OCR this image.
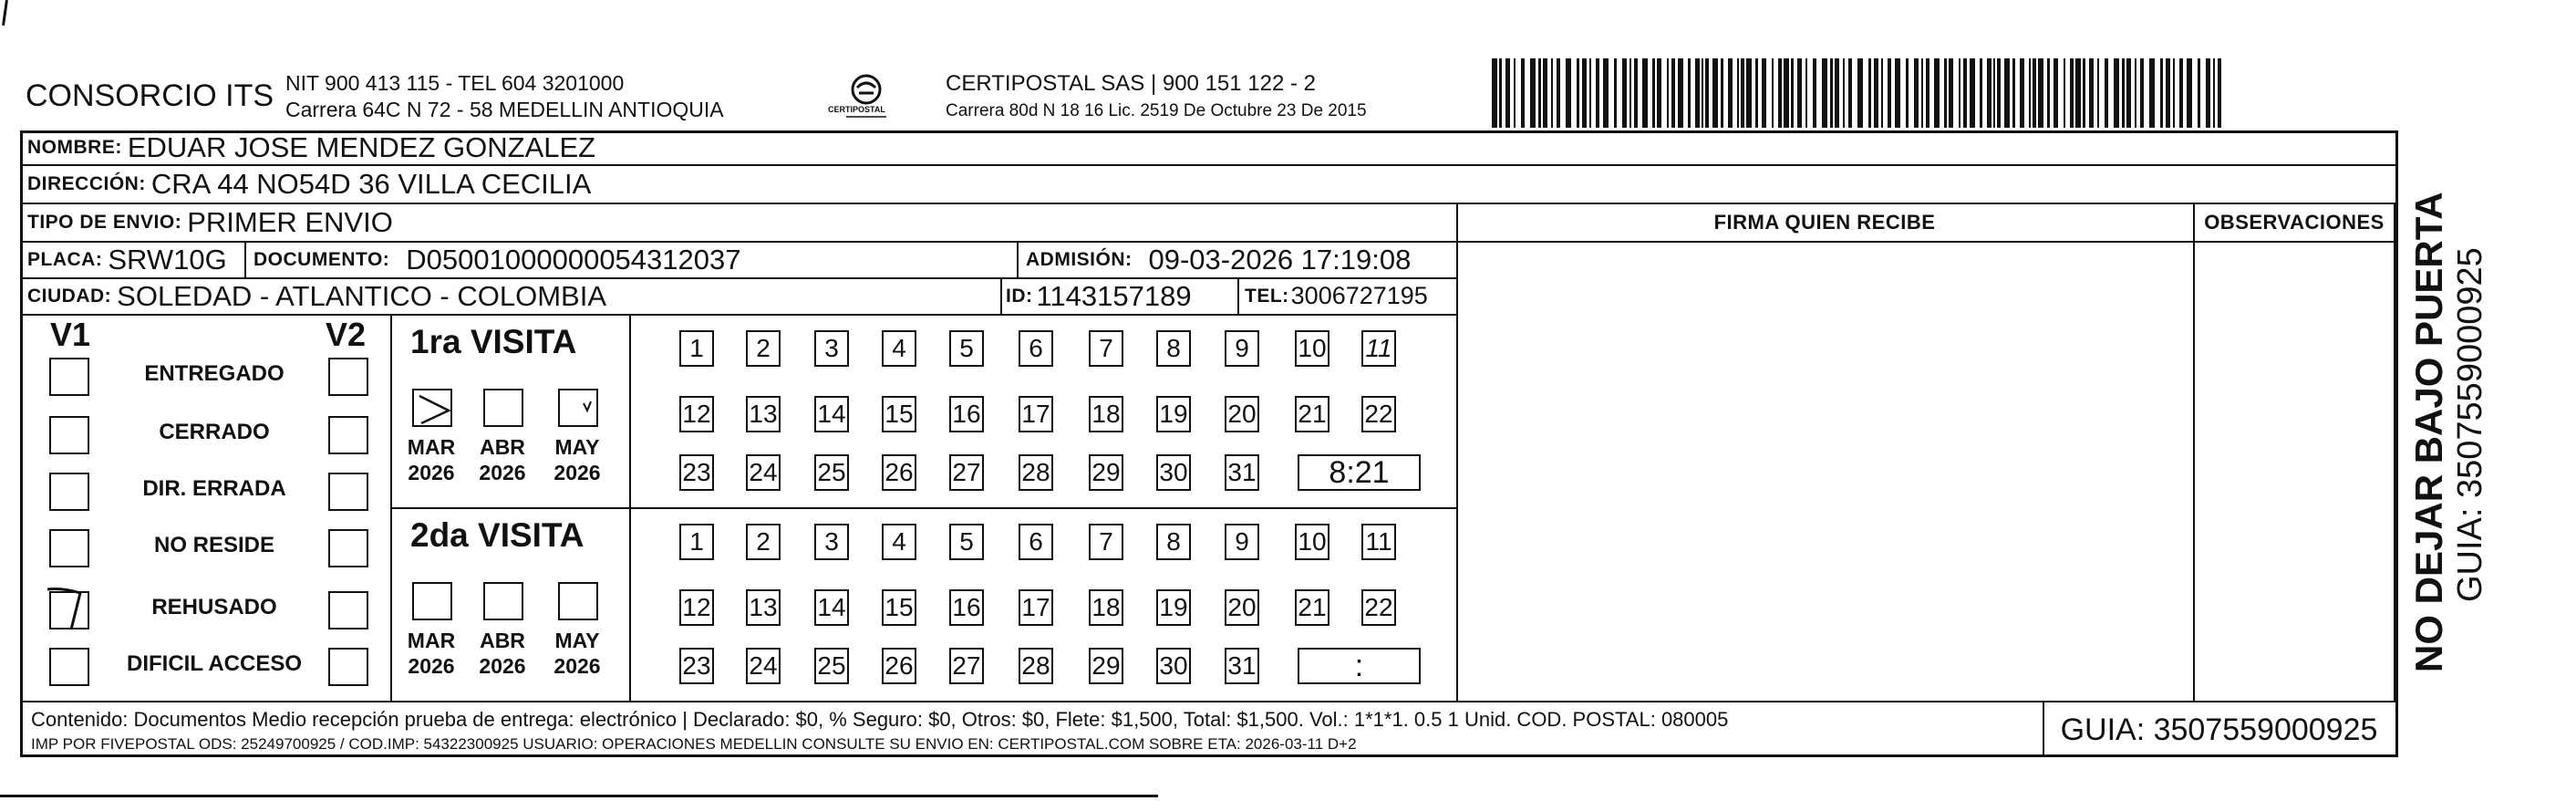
CONSORCIO ITS NIT 900 413 115 - TEL 604 3201000
Carrera 64C N 72 - 58 MEDELLIN ANTIOQUIA	CERTIPOSTAL
CERTIPOSTAL SAS | 900 151 122 - 2
Carrera 80d N 18 16 Lic. 2519 De Octubre 23 De 2015
NOMBRE: EDUAR JOSE MENDEZ GONZALEZ
DIRECCIÓN: CRA 44 NO54D 36 VILLA CECILIA
TIPO DE ENVIO: PRIMER ENVIO
PLACA: SRW10G DOCUMENTO: D05001000000054312037	ADMISIÓN: 09-03-2026 17:19:08
CIUDAD: SOLEDAD - ATLANTICO - COLOMBIA	ID: 1143157189	TEL: 3006727195
FIRMA QUIEN RECIBE	OBSERVACIONES
V1	V2
ENTREGADO
CERRADO
DIR. ERRADA
NO RESIDE
REHUSADO
DIFICIL ACCESO
1ra VISITA
MAR
2026
ABR
2026
MAY
2026
1	2	3	4	5	6	7	8	9	10 11
12 13 14 15 16 17 18 19 20 21 22
23 24 25 26 27 28 29 30 31	8:21
2da VISITA
MAR
2026
ABR
2026
MAY
2026
1	2	3	4	5	6	7	8	9	10 11
12 13 14 15 16 17 18 19 20 21 22
23 24 25 26 27 28 29 30 31	:
Contenido: Documentos Medio recepción prueba de entrega: electrónico | Declarado: $0, % Seguro: $0, Otros: $0, Flete: $1,500, Total: $1,500. Vol.: 1*1*1. 0.5 1 Unid. COD. POSTAL: 080005
IMP POR FIVEPOSTAL ODS: 25249700925 / COD.IMP: 54322300925 USUARIO: OPERACIONES MEDELLIN CONSULTE SU ENVIO EN: CERTIPOSTAL.COM SOBRE ETA: 2026-03-11 D+2	GUIA: 3507559000925
NO DEJAR BAJO PUERTA GUIA: 3507559000925
